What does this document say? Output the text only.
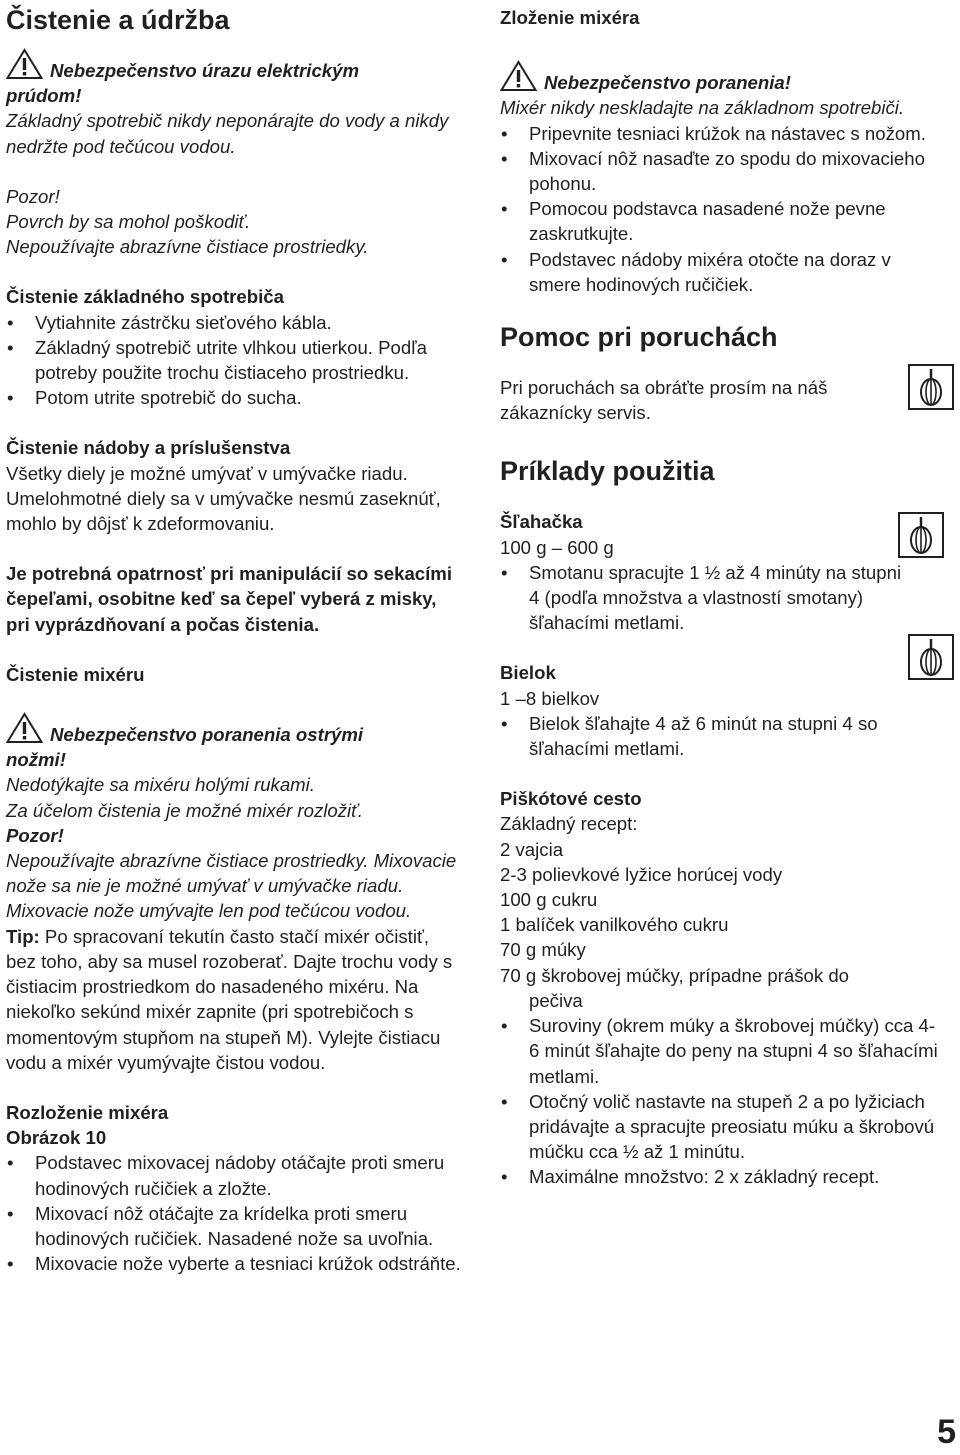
Čistenie a údržba

Nebezpečenstvo úrazu elektrickým

prúdom!

Základný spotrebič nikdy neponárajte do vody a nikdy nedržte pod tečúcou vodou.

Pozor!

Povrch by sa mohol poškodiť.

Nepoužívajte abrazívne čistiace prostriedky.

Čistenie základného spotrebiča

• Vytiahnite zástrčku sieťového kábla.
• Základný spotrebič utrite vlhkou utierkou. Podľa potreby použite trochu čistiaceho prostriedku.
• Potom utrite spotrebič do sucha.

Čistenie nádoby a príslušenstva

Všetky diely je možné umývať v umývačke riadu. Umelohmotné diely sa v umývačke nesmú zaseknúť, mohlo by dôjsť k zdeformovaniu.

Je potrebná opatrnosť pri manipulácií so sekacími čepeľami, osobitne keď sa čepeľ vyberá z misky, pri vyprázdňovaní a počas čistenia.

Čistenie mixéru

Nebezpečenstvo poranenia ostrými

nožmi!

Nedotýkajte sa mixéru holými rukami.

Za účelom čistenia je možné mixér rozložiť.

Pozor!

Nepoužívajte abrazívne čistiace prostriedky. Mixovacie nože sa nie je možné umývať v umývačke riadu. Mixovacie nože umývajte len pod tečúcou vodou.

Tip: Po spracovaní tekutín často stačí mixér očistiť, bez toho, aby sa musel rozoberať. Dajte trochu vody s čistiacim prostriedkom do nasadeného mixéru. Na niekoľko sekúnd mixér zapnite (pri spotrebičoch s momentovým stupňom na stupeň M). Vylejte čistiacu vodu a mixér vyumývajte čistou vodou.

Rozloženie mixéra

Obrázok 10

• Podstavec mixovacej nádoby otáčajte proti smeru hodinových ručičiek a zložte.
• Mixovací nôž otáčajte za krídelka proti smeru hodinových ručičiek. Nasadené nože sa uvoľnia.
• Mixovacie nože vyberte a tesniaci krúžok odstráňte.

Zloženie mixéra

Nebezpečenstvo poranenia!

Mixér nikdy neskladajte na základnom spotrebiči.

• Pripevnite tesniaci krúžok na nástavec s nožom.
• Mixovací nôž nasaďte zo spodu do mixovacieho pohonu.
• Pomocou podstavca nasadené nože pevne zaskrutkujte.
• Podstavec nádoby mixéra otočte na doraz v smere hodinových ručičiek.
Pomoc pri poruchách

Pri poruchách sa obráťte prosím na náš zákaznícky servis.

Príklady použitia

Šľahačka

100 g – 600 g

• Smotanu spracujte 1 ½ až 4 minúty na stupni 4 (podľa množstva a vlastností smotany) šľahacími metlami.

Bielok

1 –8 bielkov

• Bielok šľahajte 4 až 6 minút na stupni 4 so šľahacími metlami.

Piškótové cesto

Základný recept:

2 vajcia

2-3 polievkové lyžice horúcej vody

100 g cukru

1 balíček vanilkového cukru

70 g múky

70 g škrobovej múčky, prípadne prášok do

pečiva

• Suroviny (okrem múky a škrobovej múčky) cca 4-6 minút šľahajte do peny na stupni 4 so šľahacími metlami.
• Otočný volič nastavte na stupeň 2 a po lyžiciach pridávajte a spracujte preosiatu múku a škrobovú múčku cca ½ až 1 minútu.
• Maximálne množstvo: 2 x základný recept.
5
